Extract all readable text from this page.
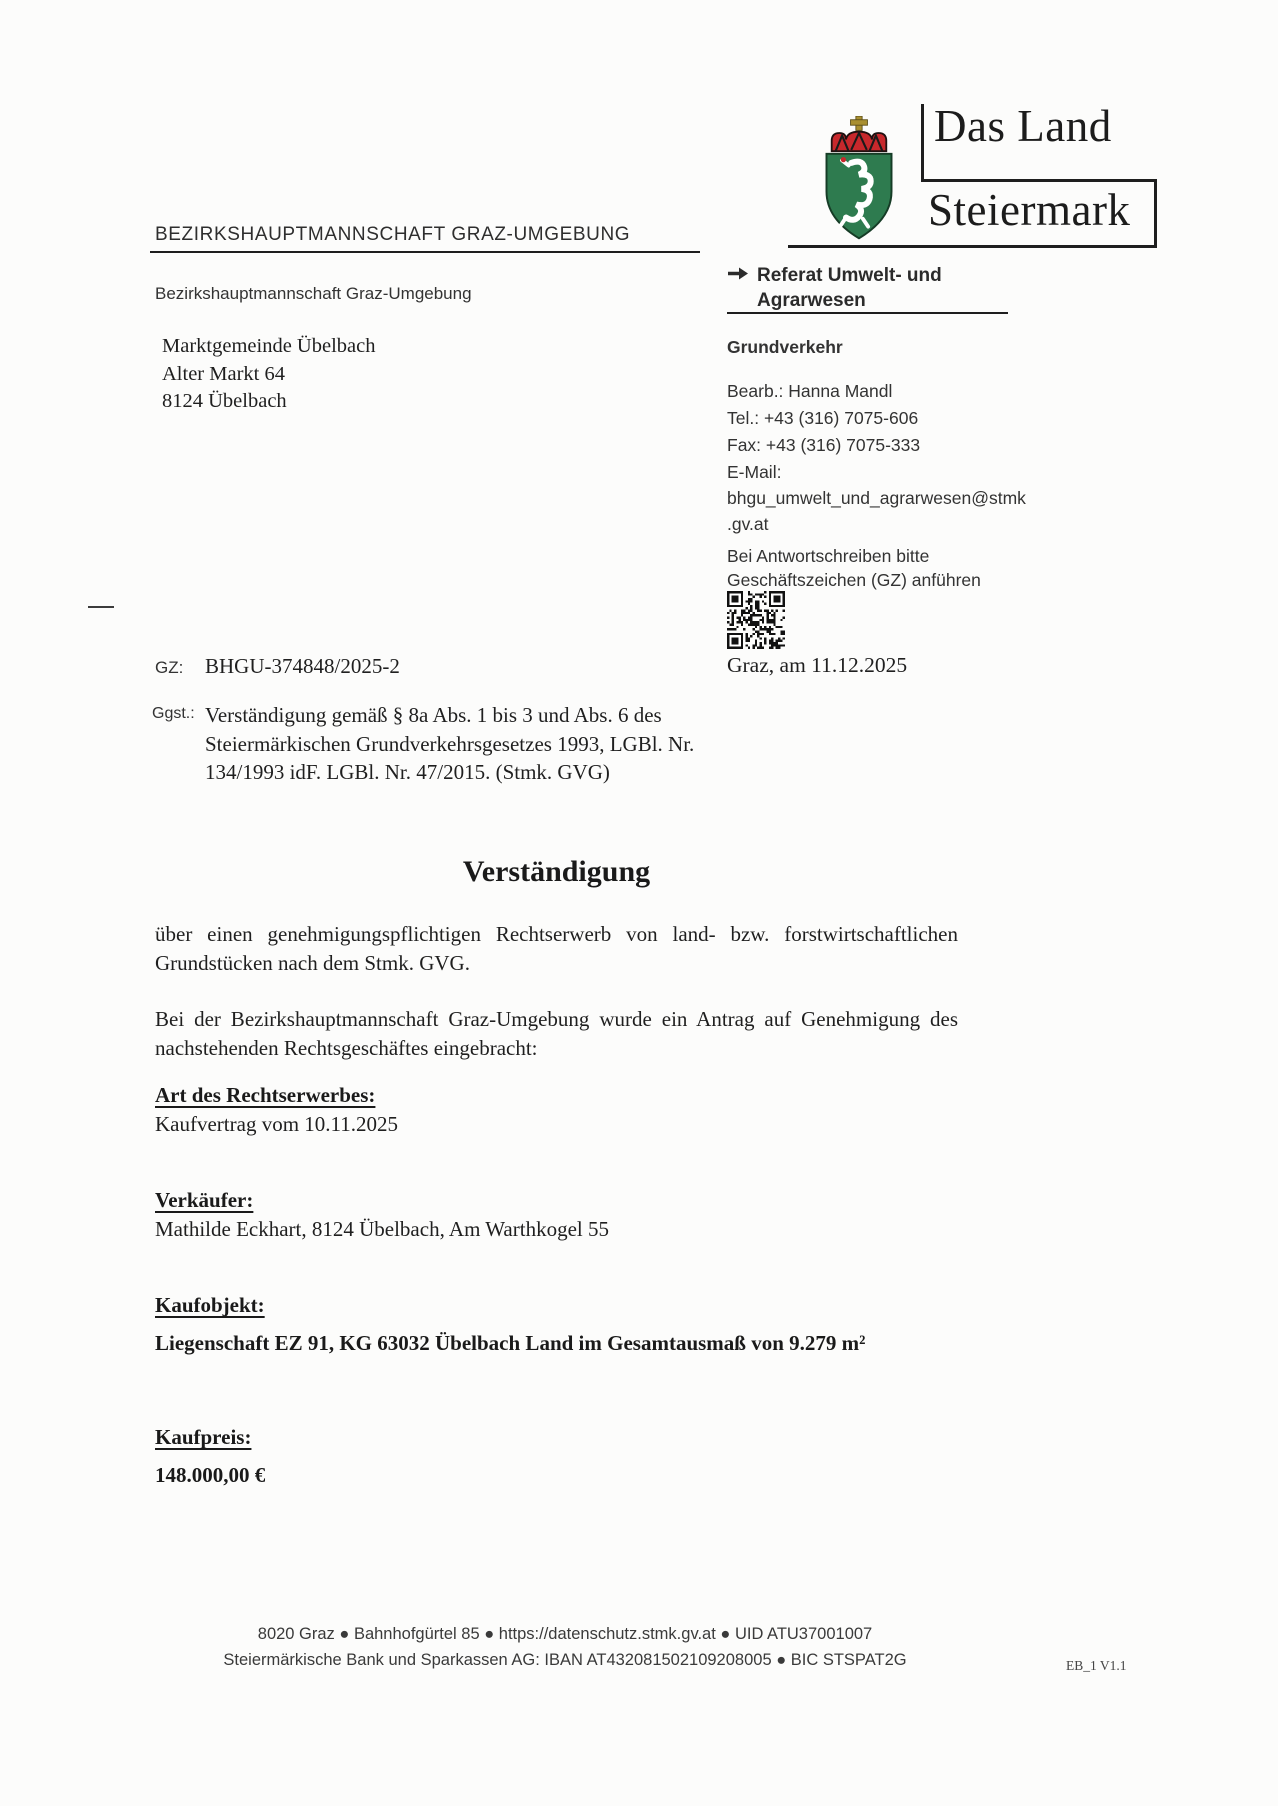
Das Land
Steiermark
BEZIRKSHAUPTMANNSCHAFT GRAZ-UMGEBUNG
Bezirkshauptmannschaft Graz-Umgebung
Marktgemeinde Übelbach
Alter Markt 64
8124 Übelbach
Referat Umwelt- und
Agrarwesen
Grundverkehr
Bearb.: Hanna Mandl
Tel.: +43 (316) 7075-606
Fax: +43 (316) 7075-333
E-Mail:
bhgu_umwelt_und_agrarwesen@stmk
.gv.at
Bei Antwortschreiben bitte
Geschäftszeichen (GZ) anführen
Graz, am 11.12.2025
GZ: BHGU-374848/2025-2
Ggst.: Verständigung gemäß § 8a Abs. 1 bis 3 und Abs. 6 des
Steiermärkischen Grundverkehrsgesetzes 1993, LGBl. Nr.
134/1993 idF. LGBl. Nr. 47/2015. (Stmk. GVG)
Verständigung
über einen genehmigungspflichtigen Rechtserwerb von land- bzw. forstwirtschaftlichen Grundstücken nach dem Stmk. GVG.
Bei der Bezirkshauptmannschaft Graz-Umgebung wurde ein Antrag auf Genehmigung des nachstehenden Rechtsgeschäftes eingebracht:
Art des Rechtserwerbes:
Kaufvertrag vom 10.11.2025
Verkäufer:
Mathilde Eckhart, 8124 Übelbach, Am Warthkogel 55
Kaufobjekt:
Liegenschaft EZ 91, KG 63032 Übelbach Land im Gesamtausmaß von 9.279 m²
Kaufpreis:
148.000,00 €
8020 Graz ● Bahnhofgürtel 85 ● https://datenschutz.stmk.gv.at ● UID ATU37001007
Steiermärkische Bank und Sparkassen AG: IBAN AT432081502109208005 ● BIC STSPAT2G	EB_1 V1.1
